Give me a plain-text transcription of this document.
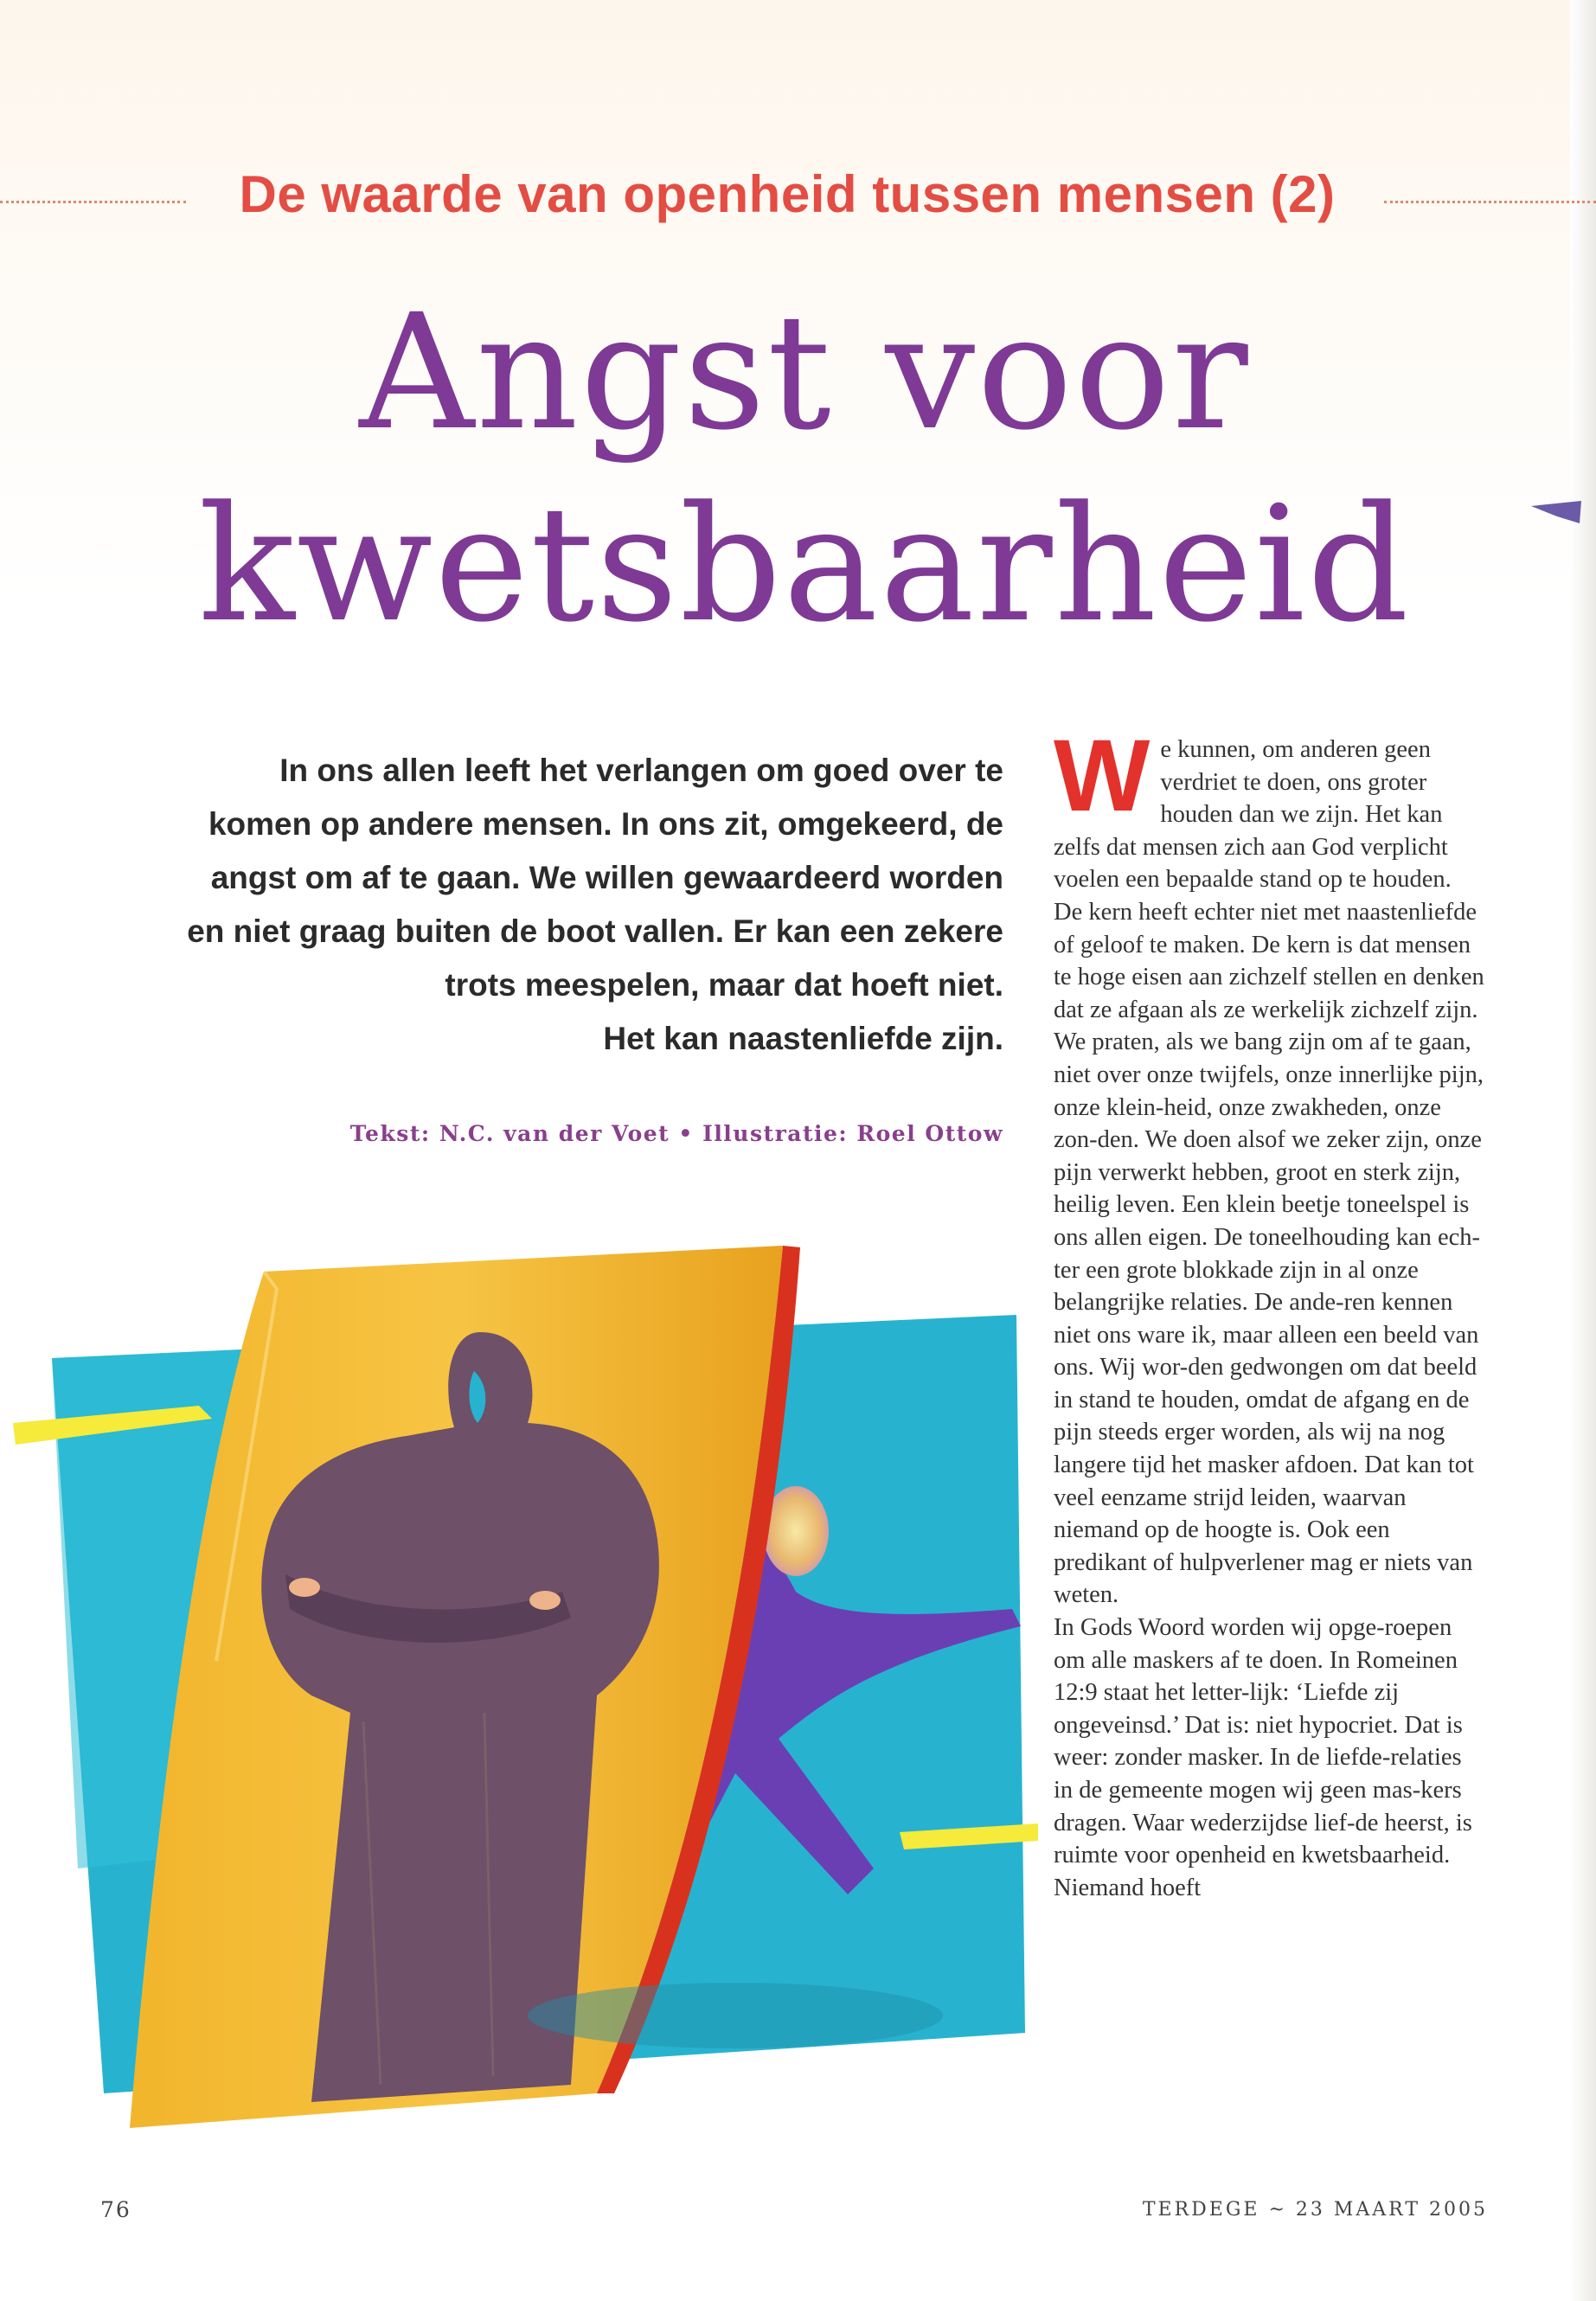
De waarde van openheid tussen mensen (2)
Angst voor
kwetsbaarheid
In ons allen leeft het verlangen om goed over te
komen op andere mensen. In ons zit, omgekeerd, de
angst om af te gaan. We willen gewaardeerd worden
en niet graag buiten de boot vallen. Er kan een zekere
trots meespelen, maar dat hoeft niet.
Het kan naastenliefde zijn.
Tekst: N.C. van der Voet • Illustratie: Roel Ottow
W e kunnen, om anderen geen verdriet te doen, ons groter houden dan we zijn. Het kan zelfs dat mensen zich aan God verplicht voelen een bepaalde stand op te houden. De kern heeft echter niet met naastenliefde of geloof te maken. De kern is dat mensen te hoge eisen aan zichzelf stellen en denken dat ze afgaan als ze werkelijk zichzelf zijn.

We praten, als we bang zijn om af te gaan, niet over onze twijfels, onze innerlijke pijn, onze klein-heid, onze zwakheden, onze zon-den. We doen alsof we zeker zijn, onze pijn verwerkt hebben, groot en sterk zijn, heilig leven. Een klein beetje toneelspel is ons allen eigen. De toneelhouding kan ech-ter een grote blokkade zijn in al onze belangrijke relaties. De ande-ren kennen niet ons ware ik, maar alleen een beeld van ons. Wij wor-den gedwongen om dat beeld in stand te houden, omdat de afgang en de pijn steeds erger worden, als wij na nog langere tijd het masker afdoen. Dat kan tot veel eenzame strijd leiden, waarvan niemand op de hoogte is. Ook een predikant of hulpverlener mag er niets van weten.

In Gods Woord worden wij opge-roepen om alle maskers af te doen. In Romeinen 12:9 staat het letter-lijk: ‘Liefde zij ongeveinsd.’ Dat is: niet hypocriet. Dat is weer: zonder masker. In de liefde-relaties in de gemeente mogen wij geen mas-kers dragen. Waar wederzijdse lief-de heerst, is ruimte voor openheid en kwetsbaarheid. Niemand hoeft

76	TERDEGE ~ 23 MAART 2005
